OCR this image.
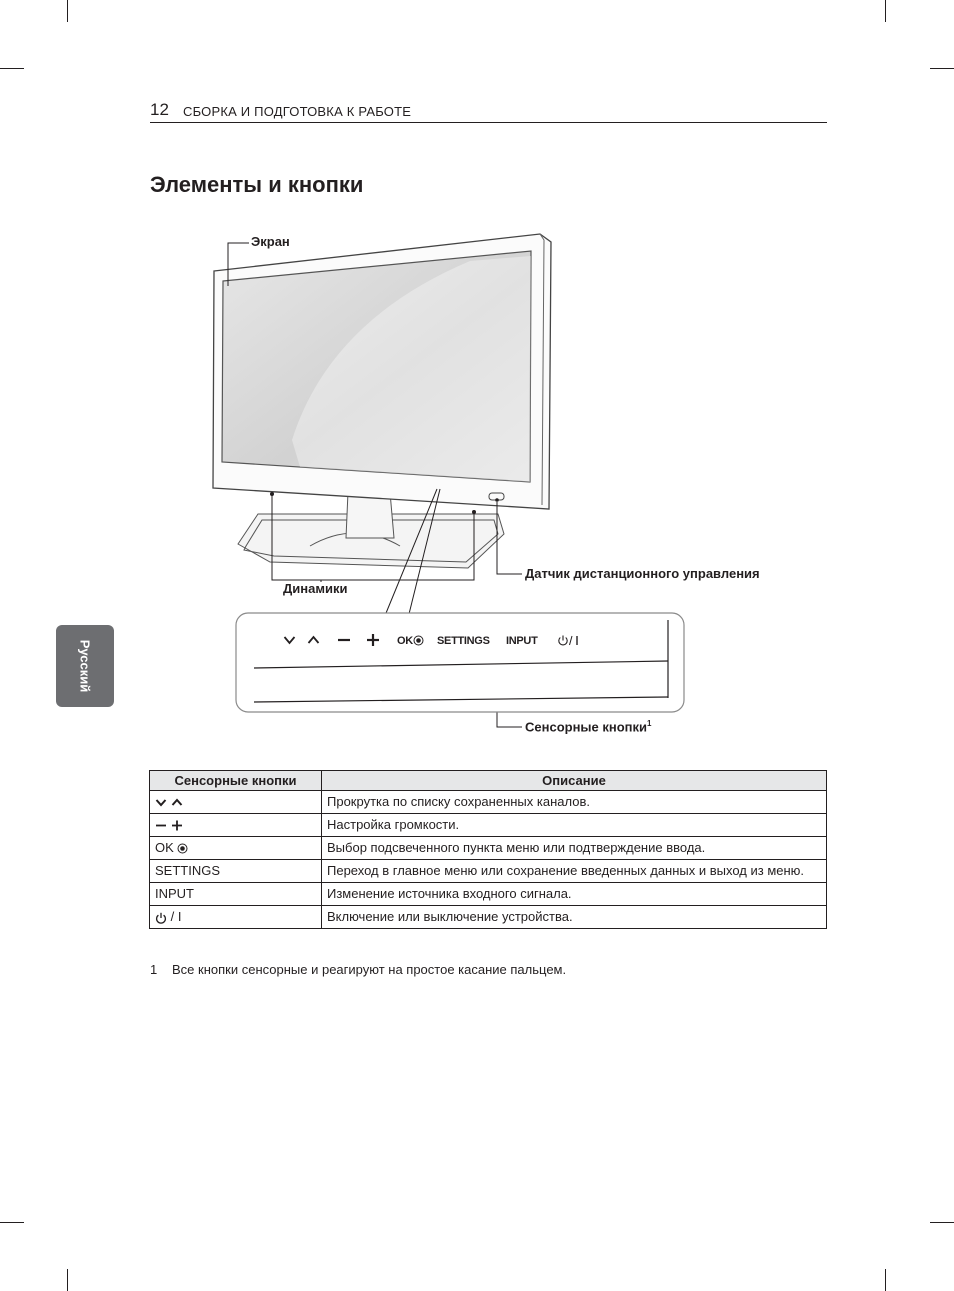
12 СБОРКА И ПОДГОТОВКА К РАБОТЕ
Элементы и кнопки
Русский
Экран
Динамики
Датчик дистанционного управления
Сенсорные кнопки$^1$
OK SETTINGS INPUT
Сенсорные кнопки	Описание
	Прокрутка по списку сохраненных каналов.
	Настройка громкости.
OK	Выбор подсвеченного пункта меню или подтверждение ввода.
SETTINGS	Переход в главное меню или сохранение введенных данных и выход из меню.
INPUT	Изменение источника входного сигнала.
/ I	Включение или выключение устройства.
1 Все кнопки сенсорные и реагируют на простое касание пальцем.
